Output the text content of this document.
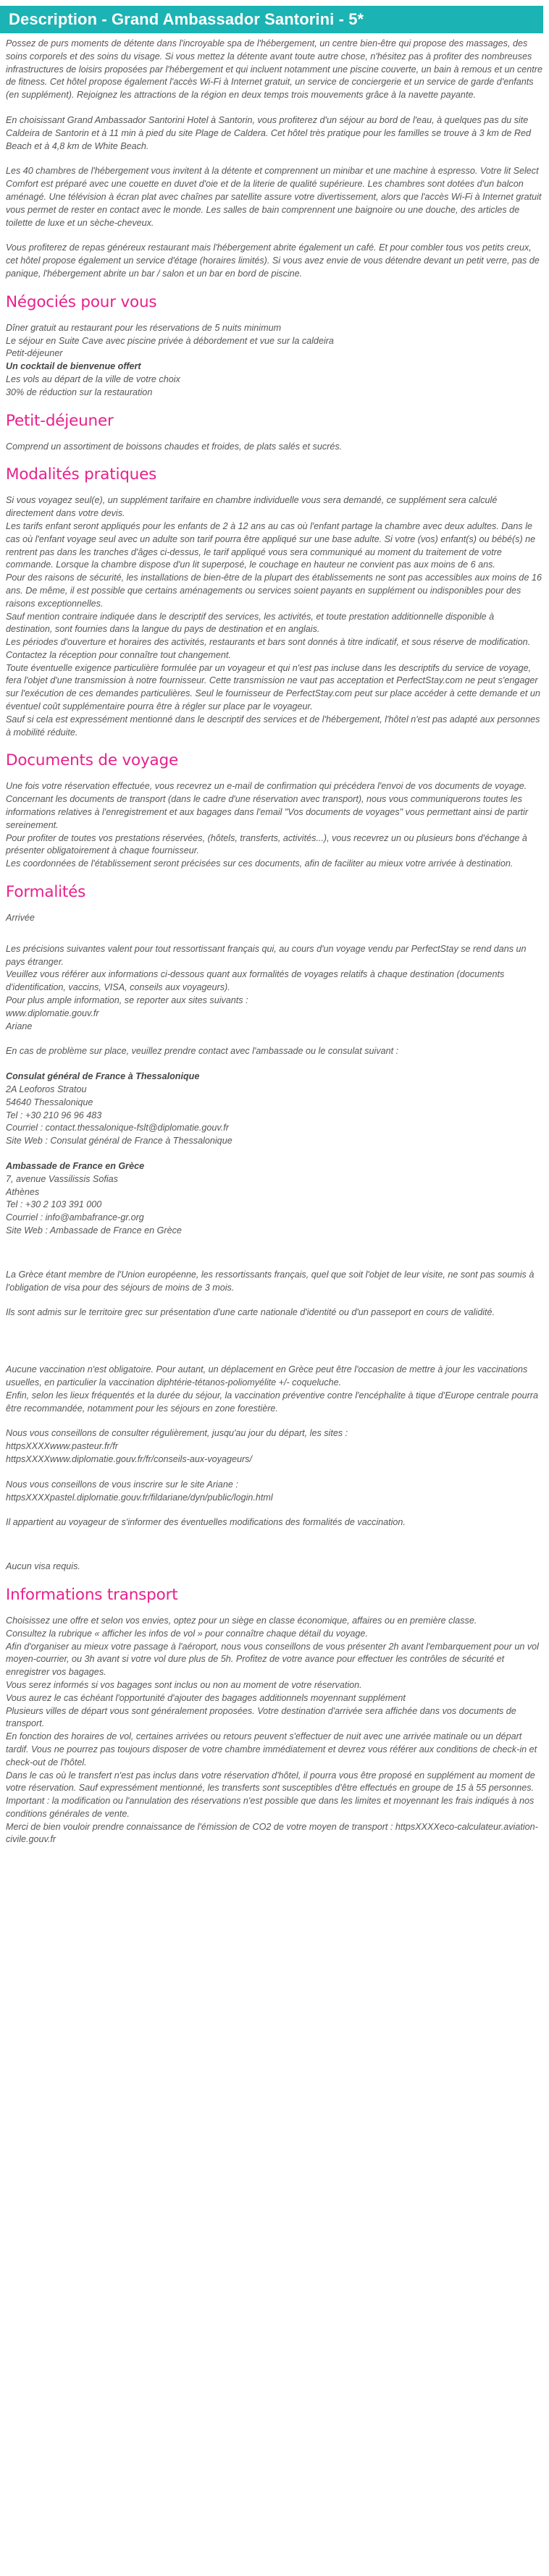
Description - Grand Ambassador Santorini - 5*

Possez de purs moments de détente dans l'incroyable spa de l'hébergement, un centre bien-être qui propose des massages, des soins corporels et des soins du visage. Si vous mettez la détente avant toute autre chose, n'hésitez pas à profiter des nombreuses infrastructures de loisirs proposées par l'hébergement et qui incluent notamment une piscine couverte, un bain à remous et un centre de fitness. Cet hôtel propose également l'accès Wi-Fi à Internet gratuit, un service de conciergerie et un service de garde d'enfants (en supplément). Rejoignez les attractions de la région en deux temps trois mouvements grâce à la navette payante.

En choisissant Grand Ambassador Santorini Hotel à Santorin, vous profiterez d'un séjour au bord de l'eau, à quelques pas du site Caldeira de Santorin et à 11 min à pied du site Plage de Caldera. Cet hôtel très pratique pour les familles se trouve à 3 km de Red Beach et à 4,8 km de White Beach.

Les 40 chambres de l'hébergement vous invitent à la détente et comprennent un minibar et une machine à espresso. Votre lit Select Comfort est préparé avec une couette en duvet d'oie et de la literie de qualité supérieure. Les chambres sont dotées d'un balcon aménagé. Une télévision à écran plat avec chaînes par satellite assure votre divertissement, alors que l'accès Wi-Fi à Internet gratuit vous permet de rester en contact avec le monde. Les salles de bain comprennent une baignoire ou une douche, des articles de toilette de luxe et un sèche-cheveux.

Vous profiterez de repas généreux restaurant mais l'hébergement abrite également un café. Et pour combler tous vos petits creux, cet hôtel propose également un service d'étage (horaires limités). Si vous avez envie de vous détendre devant un petit verre, pas de panique, l'hébergement abrite un bar / salon et un bar en bord de piscine.

Négociés pour vous

Dîner gratuit au restaurant pour les réservations de 5 nuits minimum
Le séjour en Suite Cave avec piscine privée à débordement et vue sur la caldeira
Petit-déjeuner
Un cocktail de bienvenue offert
Les vols au départ de la ville de votre choix
30% de réduction sur la restauration

Petit-déjeuner

Comprend un assortiment de boissons chaudes et froides, de plats salés et sucrés.

Modalités pratiques

Si vous voyagez seul(e), un supplément tarifaire en chambre individuelle vous sera demandé, ce supplément sera calculé directement dans votre devis.
Les tarifs enfant seront appliqués pour les enfants de 2 à 12 ans au cas où l'enfant partage la chambre avec deux adultes. Dans le cas où l'enfant voyage seul avec un adulte son tarif pourra être appliqué sur une base adulte. Si votre (vos) enfant(s) ou bébé(s) ne rentrent pas dans les tranches d'âges ci-dessus, le tarif appliqué vous sera communiqué au moment du traitement de votre commande. Lorsque la chambre dispose d'un lit superposé, le couchage en hauteur ne convient pas aux moins de 6 ans.
Pour des raisons de sécurité, les installations de bien-être de la plupart des établissements ne sont pas accessibles aux moins de 16 ans. De même, il est possible que certains aménagements ou services soient payants en supplément ou indisponibles pour des raisons exceptionnelles.
Sauf mention contraire indiquée dans le descriptif des services, les activités, et toute prestation additionnelle disponible à destination, sont fournies dans la langue du pays de destination et en anglais.
Les périodes d'ouverture et horaires des activités, restaurants et bars sont donnés à titre indicatif, et sous réserve de modification. Contactez la réception pour connaître tout changement.
Toute éventuelle exigence particulière formulée par un voyageur et qui n'est pas incluse dans les descriptifs du service de voyage, fera l'objet d'une transmission à notre fournisseur. Cette transmission ne vaut pas acceptation et PerfectStay.com ne peut s'engager sur l'exécution de ces demandes particulières. Seul le fournisseur de PerfectStay.com peut sur place accéder à cette demande et un éventuel coût supplémentaire pourra être à régler sur place par le voyageur.
Sauf si cela est expressément mentionné dans le descriptif des services et de l'hébergement, l'hôtel n'est pas adapté aux personnes à mobilité réduite.

Documents de voyage

Une fois votre réservation effectuée, vous recevrez un e-mail de confirmation qui précédera l'envoi de vos documents de voyage.
Concernant les documents de transport (dans le cadre d'une réservation avec transport), nous vous communiquerons toutes les informations relatives à l'enregistrement et aux bagages dans l'email "Vos documents de voyages" vous permettant ainsi de partir sereinement.
Pour profiter de toutes vos prestations réservées, (hôtels, transferts, activités...), vous recevrez un ou plusieurs bons d'échange à présenter obligatoirement à chaque fournisseur.
Les coordonnées de l'établissement seront précisées sur ces documents, afin de faciliter au mieux votre arrivée à destination.

Formalités

Arrivée

Les précisions suivantes valent pour tout ressortissant français qui, au cours d'un voyage vendu par PerfectStay se rend dans un pays étranger.
Veuillez vous référer aux informations ci-dessous quant aux formalités de voyages relatifs à chaque destination (documents d'identification, vaccins, VISA, conseils aux voyageurs).
Pour plus ample information, se reporter aux sites suivants :
www.diplomatie.gouv.fr
Ariane

En cas de problème sur place, veuillez prendre contact avec l'ambassade ou le consulat suivant :

Consulat général de France à Thessalonique
2A Leoforos Stratou
54640 Thessalonique
Tel : +30 210 96 96 483
Courriel : contact.thessalonique-fslt@diplomatie.gouv.fr
Site Web : Consulat général de France à Thessalonique

Ambassade de France en Grèce
7, avenue Vassilissis Sofias
Athènes
Tel : +30 2 103 391 000
Courriel : info@ambafrance-gr.org
Site Web : Ambassade de France en Grèce

La Grèce étant membre de l'Union européenne, les ressortissants français, quel que soit l'objet de leur visite, ne sont pas soumis à l'obligation de visa pour des séjours de moins de 3 mois.

Ils sont admis sur le territoire grec sur présentation d'une carte nationale d'identité ou d'un passeport en cours de validité.

Aucune vaccination n'est obligatoire. Pour autant, un déplacement en Grèce peut être l'occasion de mettre à jour les vaccinations usuelles, en particulier la vaccination diphtérie-tétanos-poliomyélite +/- coqueluche.
Enfin, selon les lieux fréquentés et la durée du séjour, la vaccination préventive contre l'encéphalite à tique d'Europe centrale pourra être recommandée, notamment pour les séjours en zone forestière.

Nous vous conseillons de consulter régulièrement, jusqu'au jour du départ, les sites :
httpsXXXXwww.pasteur.fr/fr
httpsXXXXwww.diplomatie.gouv.fr/fr/conseils-aux-voyageurs/

Nous vous conseillons de vous inscrire sur le site Ariane :
httpsXXXXpastel.diplomatie.gouv.fr/fildariane/dyn/public/login.html

Il appartient au voyageur de s'informer des éventuelles modifications des formalités de vaccination.

Aucun visa requis.

Informations transport

Choisissez une offre et selon vos envies, optez pour un siège en classe économique, affaires ou en première classe.
Consultez la rubrique « afficher les infos de vol » pour connaître chaque détail du voyage.
Afin d'organiser au mieux votre passage à l'aéroport, nous vous conseillons de vous présenter 2h avant l'embarquement pour un vol moyen-courrier, ou 3h avant si votre vol dure plus de 5h. Profitez de votre avance pour effectuer les contrôles de sécurité et enregistrer vos bagages.
Vous serez informés si vos bagages sont inclus ou non au moment de votre réservation.
Vous aurez le cas échéant l'opportunité d'ajouter des bagages additionnels moyennant supplément
Plusieurs villes de départ vous sont généralement proposées. Votre destination d'arrivée sera affichée dans vos documents de transport.
En fonction des horaires de vol, certaines arrivées ou retours peuvent s'effectuer de nuit avec une arrivée matinale ou un départ tardif. Vous ne pourrez pas toujours disposer de votre chambre immédiatement et devrez vous référer aux conditions de check-in et check-out de l'hôtel.
Dans le cas où le transfert n'est pas inclus dans votre réservation d'hôtel, il pourra vous être proposé en supplément au moment de votre réservation. Sauf expressément mentionné, les transferts sont susceptibles d'être effectués en groupe de 15 à 55 personnes.
Important : la modification ou l'annulation des réservations n'est possible que dans les limites et moyennant les frais indiqués à nos conditions générales de vente.
Merci de bien vouloir prendre connaissance de l'émission de CO2 de votre moyen de transport : httpsXXXXeco-calculateur.aviation-civile.gouv.fr
